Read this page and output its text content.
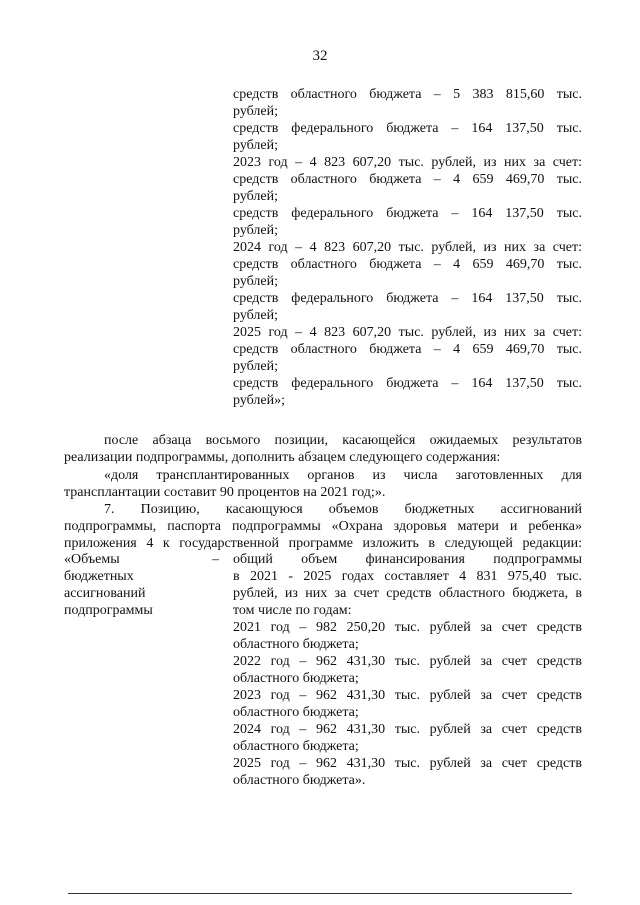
32
средств областного бюджета – 5 383 815,60 тыс.
рублей;
средств федерального бюджета – 164 137,50 тыс.
рублей;
2023 год – 4 823 607,20 тыс. рублей, из них за счет:
средств областного бюджета – 4 659 469,70 тыс.
рублей;
средств федерального бюджета – 164 137,50 тыс.
рублей;
2024 год – 4 823 607,20 тыс. рублей, из них за счет:
средств областного бюджета – 4 659 469,70 тыс.
рублей;
средств федерального бюджета – 164 137,50 тыс.
рублей;
2025 год – 4 823 607,20 тыс. рублей, из них за счет:
средств областного бюджета – 4 659 469,70 тыс.
рублей;
средств федерального бюджета – 164 137,50 тыс.
рублей»;
после абзаца восьмого позиции, касающейся ожидаемых результатов
реализации подпрограммы, дополнить абзацем следующего содержания:
«доля трансплантированных органов из числа заготовленных для
трансплантации составит 90 процентов на 2021 год;».
7. Позицию, касающуюся объемов бюджетных ассигнований
подпрограммы, паспорта подпрограммы «Охрана здоровья матери и ребенка»
приложения 4 к государственной программе изложить в следующей редакции:
«Объемы
бюджетных
ассигнований
подпрограммы
– общий объем финансирования подпрограммы
в 2021 - 2025 годах составляет 4 831 975,40 тыс.
рублей, из них за счет средств областного бюджета, в
том числе по годам:
2021 год – 982 250,20 тыс. рублей за счет средств
областного бюджета;
2022 год – 962 431,30 тыс. рублей за счет средств
областного бюджета;
2023 год – 962 431,30 тыс. рублей за счет средств
областного бюджета;
2024 год – 962 431,30 тыс. рублей за счет средств
областного бюджета;
2025 год – 962 431,30 тыс. рублей за счет средств
областного бюджета».
